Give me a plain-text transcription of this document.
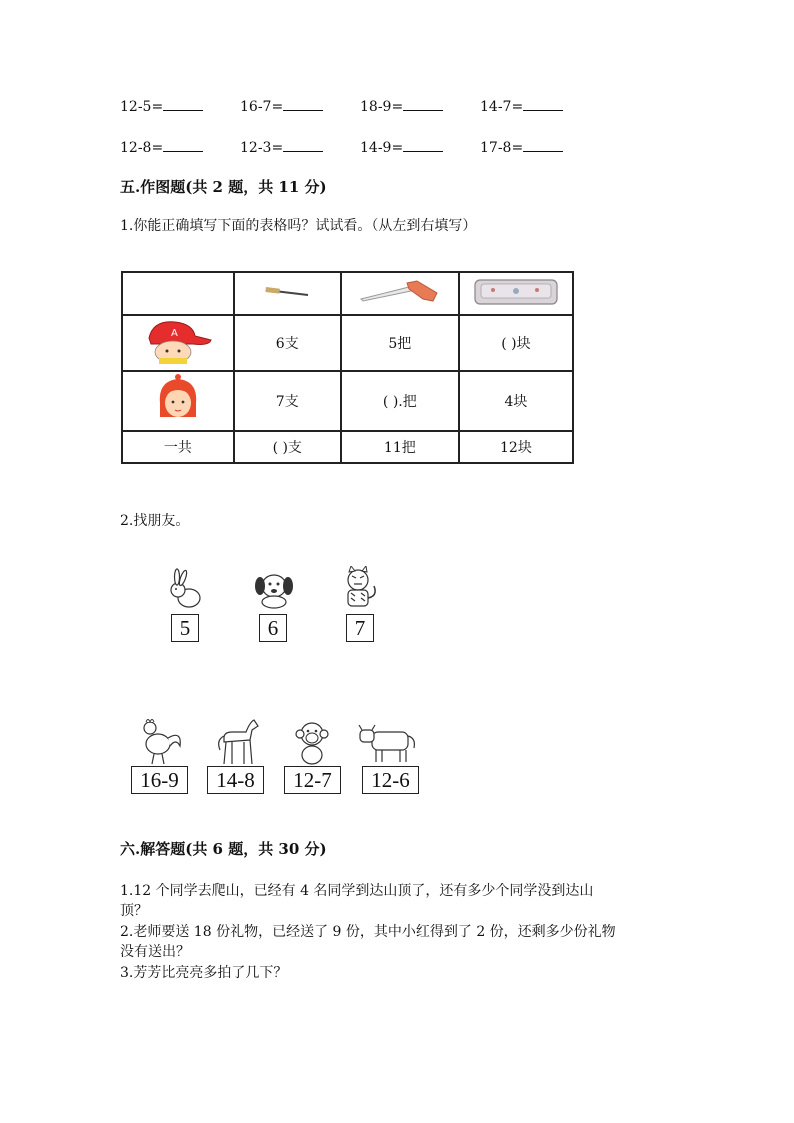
12-5=	16-7=	18-9=	14-7=
12-8=	12-3=	14-9=	17-8=
五.作图题(共 2 题，共 11 分)
1.你能正确填写下面的表格吗？试试看。（从左到右填写）

A	6支	5把	( )块
	7支	( ).把	4块
一共	( )支	11把	12块
2.找朋友。
5	6	7
16-9	14-8	12-7	12-6
六.解答题(共 6 题，共 30 分)
1.12 个同学去爬山，已经有 4 名同学到达山顶了，还有多少个同学没到达山
顶？
2.老师要送 18 份礼物，已经送了 9 份，其中小红得到了 2 份，还剩多少份礼物
没有送出？
3.芳芳比亮亮多拍了几下？
